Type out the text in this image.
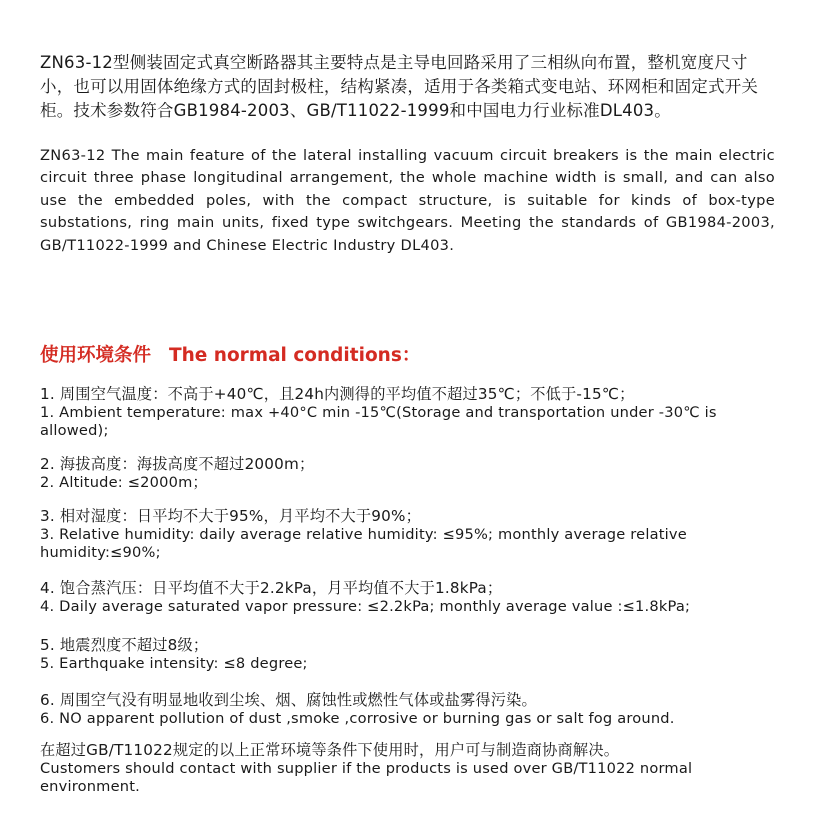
ZN63-12型侧装固定式真空断路器其主要特点是主导电回路采用了三相纵向布置，整机宽度尺寸小，也可以用固体绝缘方式的固封极柱，结构紧凑，适用于各类箱式变电站、环网柜和固定式开关柜。技术参数符合GB1984-2003、GB/T11022-1999和中国电力行业标准DL403。

ZN63-12 The main feature of the lateral installing vacuum circuit breakers is the main electric circuit three phase longitudinal arrangement, the whole machine width is small, and can also use the embedded poles, with the compact structure, is suitable for kinds of box-type substations, ring main units, fixed type switchgears. Meeting the standards of GB1984-2003, GB/T11022-1999 and Chinese Electric Industry DL403.

使用环境条件 The normal conditions：

1. 周围空气温度：不高于+40℃，且24h内测得的平均值不超过35℃；不低于-15℃；

1. Ambient temperature: max +40°C min -15℃(Storage and transportation under -30℃ is allowed);

2. 海拔高度：海拔高度不超过2000m；

2. Altitude: ≤2000m；

3. 相对湿度：日平均不大于95%，月平均不大于90%；

3. Relative humidity: daily average relative humidity: ≤95%; monthly average relative humidity:≤90%;

4. 饱合蒸汽压：日平均值不大于2.2kPa，月平均值不大于1.8kPa；

4. Daily average saturated vapor pressure: ≤2.2kPa; monthly average value :≤1.8kPa;

5. 地震烈度不超过8级；

5. Earthquake intensity: ≤8 degree;

6. 周围空气没有明显地收到尘埃、烟、腐蚀性或燃性气体或盐雾得污染。

6. NO apparent pollution of dust ,smoke ,corrosive or burning gas or salt fog around.

在超过GB/T11022规定的以上正常环境等条件下使用时，用户可与制造商协商解决。

Customers should contact with supplier if the products is used over GB/T11022 normal environment.
